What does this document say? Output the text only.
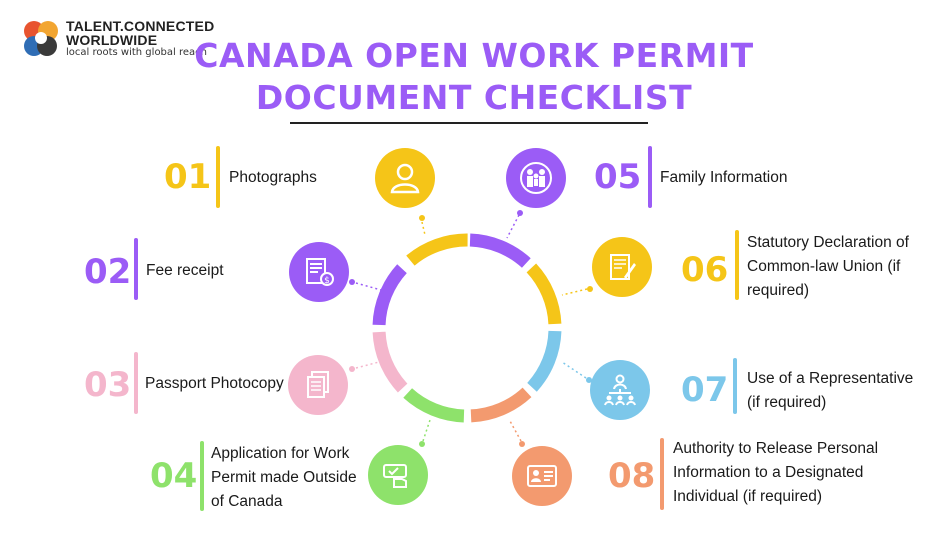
TALENT.CONNECTED
WORLDWIDE
local roots with global reach
CANADA OPEN WORK PERMIT
DOCUMENT CHECKLIST
01 Photographs
02 Fee receipt
$
03 Passport Photocopy
04
Application for Work
Permit made Outside
of Canada
05 Family Information
06
Statutory Declaration of
Common-law Union (if
required)
07 Use of a Representative
(if required)
08
Authority to Release Personal
Information to a Designated
Individual (if required)
